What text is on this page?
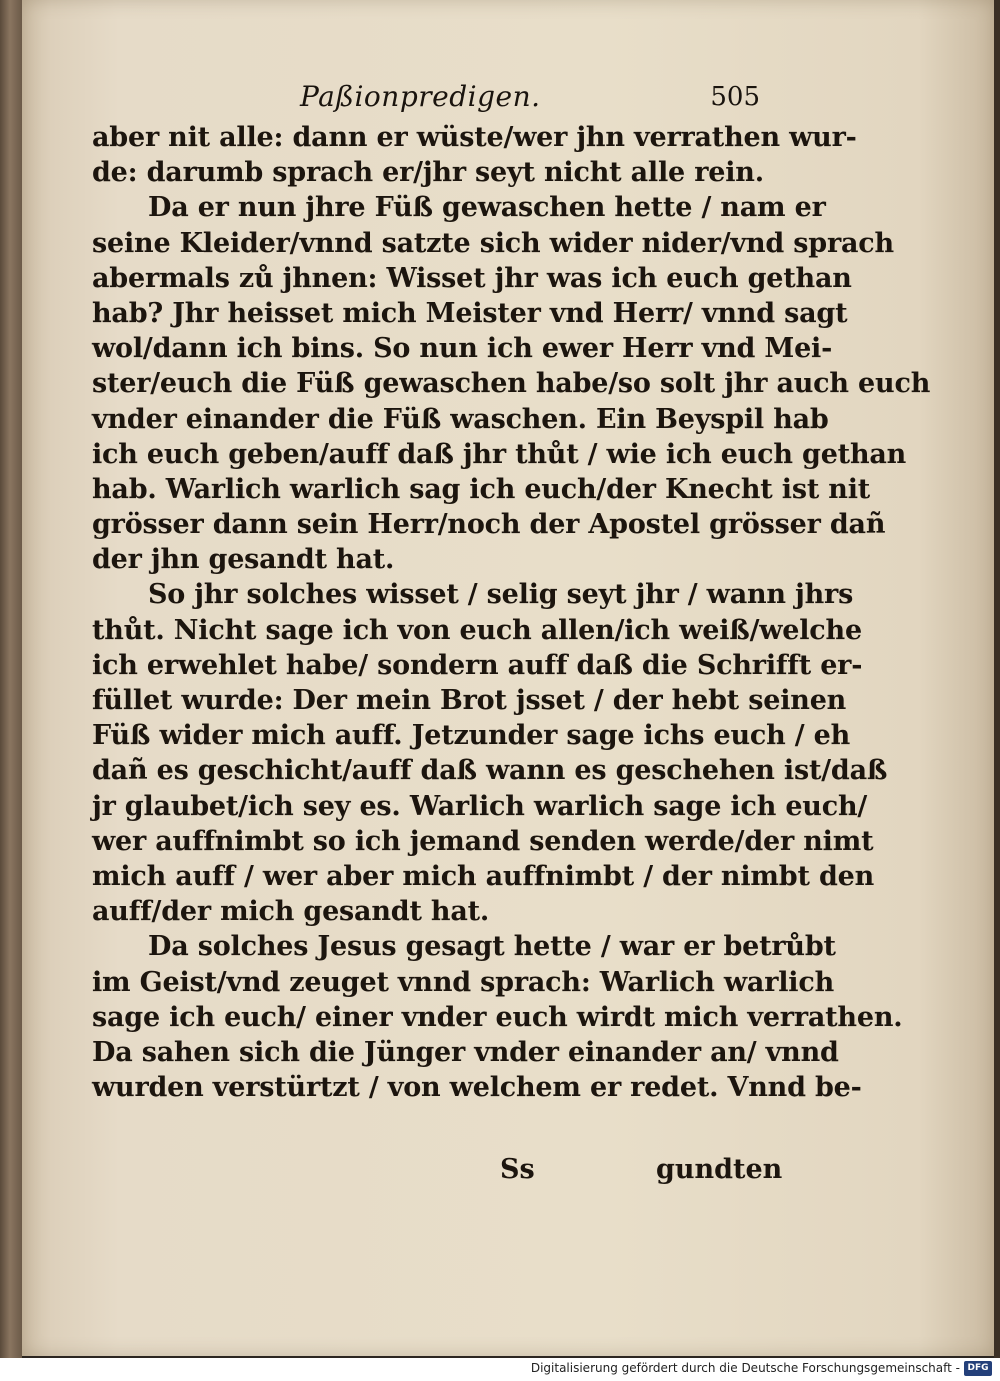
Paßionpredigen.	505
aber nit alle: dann er wüste/wer jhn verrathen wur-
de: darumb sprach er/jhr seyt nicht alle rein.
Da er nun jhre Füß gewaschen hette / nam er
seine Kleider/vnnd satzte sich wider nider/vnd sprach
abermals zů jhnen: Wisset jhr was ich euch gethan
hab? Jhr heisset mich Meister vnd Herr/ vnnd sagt
wol/dann ich bins. So nun ich ewer Herr vnd Mei-
ster/euch die Füß gewaschen habe/so solt jhr auch euch
vnder einander die Füß waschen. Ein Beyspil hab
ich euch geben/auff daß jhr thůt / wie ich euch gethan
hab. Warlich warlich sag ich euch/der Knecht ist nit
grösser dann sein Herr/noch der Apostel grösser dañ
der jhn gesandt hat.
So jhr solches wisset / selig seyt jhr / wann jhrs
thůt. Nicht sage ich von euch allen/ich weiß/welche
ich erwehlet habe/ sondern auff daß die Schrifft er-
füllet wurde: Der mein Brot jsset / der hebt seinen
Füß wider mich auff. Jetzunder sage ichs euch / eh
dañ es geschicht/auff daß wann es geschehen ist/daß
jr glaubet/ich sey es. Warlich warlich sage ich euch/
wer auffnimbt so ich jemand senden werde/der nimt
mich auff / wer aber mich auffnimbt / der nimbt den
auff/der mich gesandt hat.
Da solches Jesus gesagt hette / war er betrůbt
im Geist/vnd zeuget vnnd sprach: Warlich warlich
sage ich euch/ einer vnder euch wirdt mich verrathen.
Da sahen sich die Jünger vnder einander an/ vnnd
wurden verstürtzt / von welchem er redet. Vnnd be-
Ss	gundten
Digitalisierung gefördert durch die Deutsche Forschungsgemeinschaft - DFG
